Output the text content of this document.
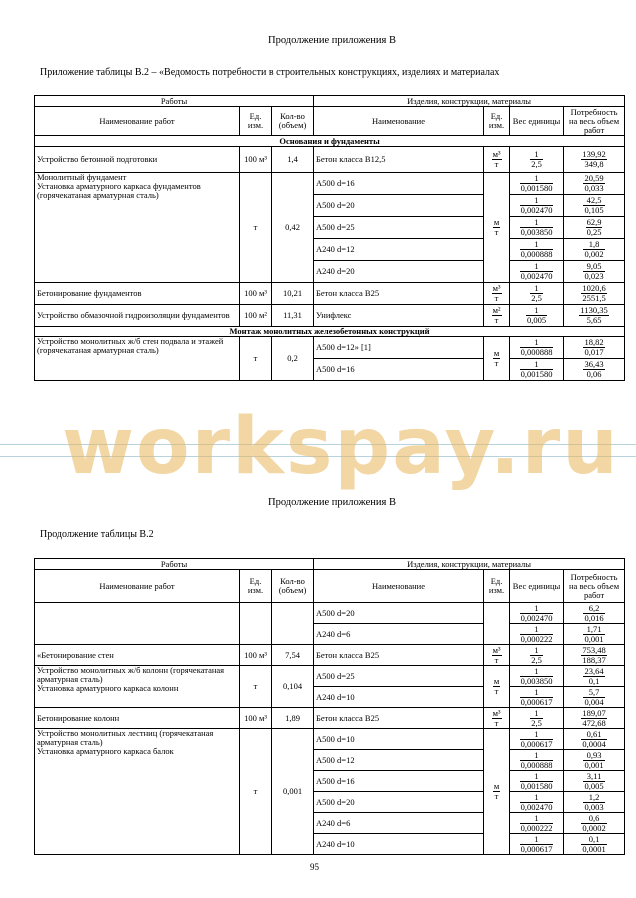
Продолжение приложения В
Приложение таблицы В.2 – «Ведомость потребности в строительных конструкциях, изделиях и материалах
Работы			Изделия, конструкции, материалы			
Наименование работ	Ед. изм.	Кол-во (объем)	Наименование	Ед. изм.	Вес единицы	Потребность на весь объем работ
Основания и фундаменты						
Устройство бетонной подготовки	100 м³	1,4	Бетон класса В12,5	$\frac{\text{м³}}{т}$	$\frac{1}{2,5}$	$\frac{139,92}{349,8}$

Монолитный фундамент
Установка арматурного каркаса фундаментов (горячекатаная арматурная сталь)	т	0,42	А500 d=16	$\frac{м}{т}$	$\frac{1}{0,001580}$	$\frac{20,59}{0,033}$

			А500 d=20		$\frac{1}{0,002470}$	$\frac{42,5}{0,105}$

			А500 d=25		$\frac{1}{0,003850}$	$\frac{62,9}{0,25}$

			А240 d=12		$\frac{1}{0,000888}$	$\frac{1,8}{0,002}$

			А240 d=20		$\frac{1}{0,002470}$	$\frac{9,05}{0,023}$

Бетонирование фундаментов	100 м³	10,21	Бетон класса В25	$\frac{\text{м³}}{т}$	$\frac{1}{2,5}$	$\frac{1020,6}{2551,5}$

Устройство обмазочной гидроизоляции фундаментов	100 м²	11,31	Унифлекс	$\frac{\text{м²}}{т}$	$\frac{1}{0,005}$	$\frac{1130,35}{5,65}$

Монтаж монолитных железобетонных конструкций						
Устройство монолитных ж/б стен подвала и этажей (горячекатаная арматурная сталь)	т	0,2	А500 d=12» [1]	$\frac{м}{т}$	$\frac{1}{0,000888}$	$\frac{18,82}{0,017}$

			А500 d=16		$\frac{1}{0,001580}$	$\frac{36,43}{0,06}$
workspay.ru
Продолжение приложения В
Продолжение таблицы В.2
Работы			Изделия, конструкции, материалы			
Наименование работ	Ед. изм.	Кол-во (объем)	Наименование	Ед. изм.	Вес единицы	Потребность на весь объем работ
			А500 d=20		$\frac{1}{0,002470}$	$\frac{6,2}{0,016}$

			А240 d=6		$\frac{1}{0,000222}$	$\frac{1,71}{0,001}$

«Бетонирование стен	100 м³	7,54	Бетон класса В25	$\frac{\text{м³}}{т}$	$\frac{1}{2,5}$	$\frac{753,48}{188,37}$

Устройство монолитных ж/б колонн (горячекатаная арматурная сталь)
Установка арматурного каркаса колонн	т	0,104	А500 d=25	$\frac{м}{т}$	$\frac{1}{0,003850}$	$\frac{23,64}{0,1}$

			А240 d=10		$\frac{1}{0,000617}$	$\frac{5,7}{0,004}$

Бетонирование колонн	100 м³	1,89	Бетон класса В25	$\frac{\text{м³}}{т}$	$\frac{1}{2,5}$	$\frac{189,07}{472,68}$

Устройство монолитных лестниц (горячекатаная арматурная сталь)
Установка арматурного каркаса балок	т	0,001	А500 d=10	$\frac{м}{т}$	$\frac{1}{0,000617}$	$\frac{0,61}{0,0004}$

			А500 d=12		$\frac{1}{0,000888}$	$\frac{0,93}{0,001}$

			А500 d=16		$\frac{1}{0,001580}$	$\frac{3,11}{0,005}$

			А500 d=20		$\frac{1}{0,002470}$	$\frac{1,2}{0,003}$

			А240 d=6		$\frac{1}{0,000222}$	$\frac{0,6}{0,0002}$

			А240 d=10		$\frac{1}{0,000617}$	$\frac{0,1}{0,0001}$
95
